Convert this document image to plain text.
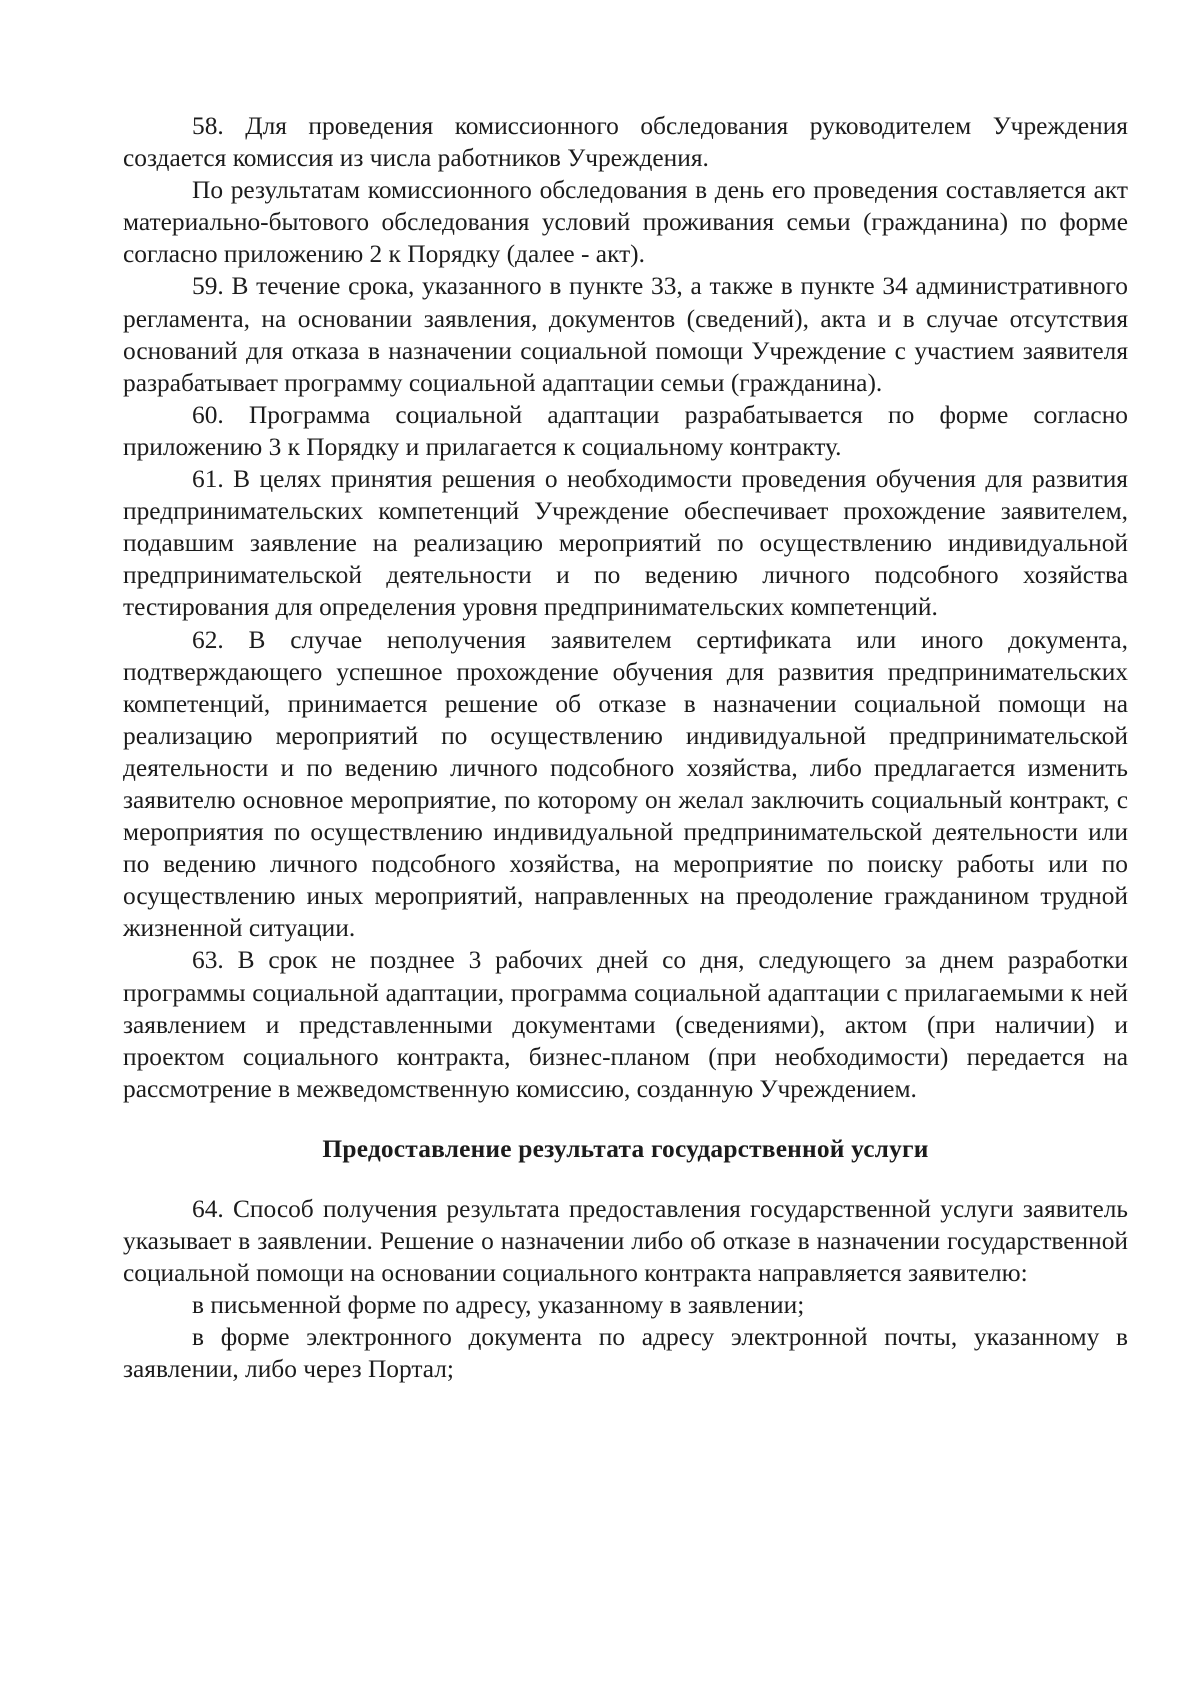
58. Для проведения комиссионного обследования руководителем Учреждения создается комиссия из числа работников Учреждения.

По результатам комиссионного обследования в день его проведения составляется акт материально-бытового обследования условий проживания семьи (гражданина) по форме согласно приложению 2 к Порядку (далее - акт).

59. В течение срока, указанного в пункте 33, а также в пункте 34 административного регламента, на основании заявления, документов (сведений), акта и в случае отсутствия оснований для отказа в назначении социальной помощи Учреждение с участием заявителя разрабатывает программу социальной адаптации семьи (гражданина).

60. Программа социальной адаптации разрабатывается по форме согласно приложению 3 к Порядку и прилагается к социальному контракту.

61. В целях принятия решения о необходимости проведения обучения для развития предпринимательских компетенций Учреждение обеспечивает прохождение заявителем, подавшим заявление на реализацию мероприятий по осуществлению индивидуальной предпринимательской деятельности и по ведению личного подсобного хозяйства тестирования для определения уровня предпринимательских компетенций.

62. В случае неполучения заявителем сертификата или иного документа, подтверждающего успешное прохождение обучения для развития предпринимательских компетенций, принимается решение об отказе в назначении социальной помощи на реализацию мероприятий по осуществлению индивидуальной предпринимательской деятельности и по ведению личного подсобного хозяйства, либо предлагается изменить заявителю основное мероприятие, по которому он желал заключить социальный контракт, с мероприятия по осуществлению индивидуальной предпринимательской деятельности или по ведению личного подсобного хозяйства, на мероприятие по поиску работы или по осуществлению иных мероприятий, направленных на преодоление гражданином трудной жизненной ситуации.

63. В срок не позднее 3 рабочих дней со дня, следующего за днем разработки программы социальной адаптации, программа социальной адаптации с прилагаемыми к ней заявлением и представленными документами (сведениями), актом (при наличии) и проектом социального контракта, бизнес-планом (при необходимости) передается на рассмотрение в межведомственную комиссию, созданную Учреждением.

Предоставление результата государственной услуги

64. Способ получения результата предоставления государственной услуги заявитель указывает в заявлении. Решение о назначении либо об отказе в назначении государственной социальной помощи на основании социального контракта направляется заявителю:

в письменной форме по адресу, указанному в заявлении;

в форме электронного документа по адресу электронной почты, указанному в заявлении, либо через Портал;
